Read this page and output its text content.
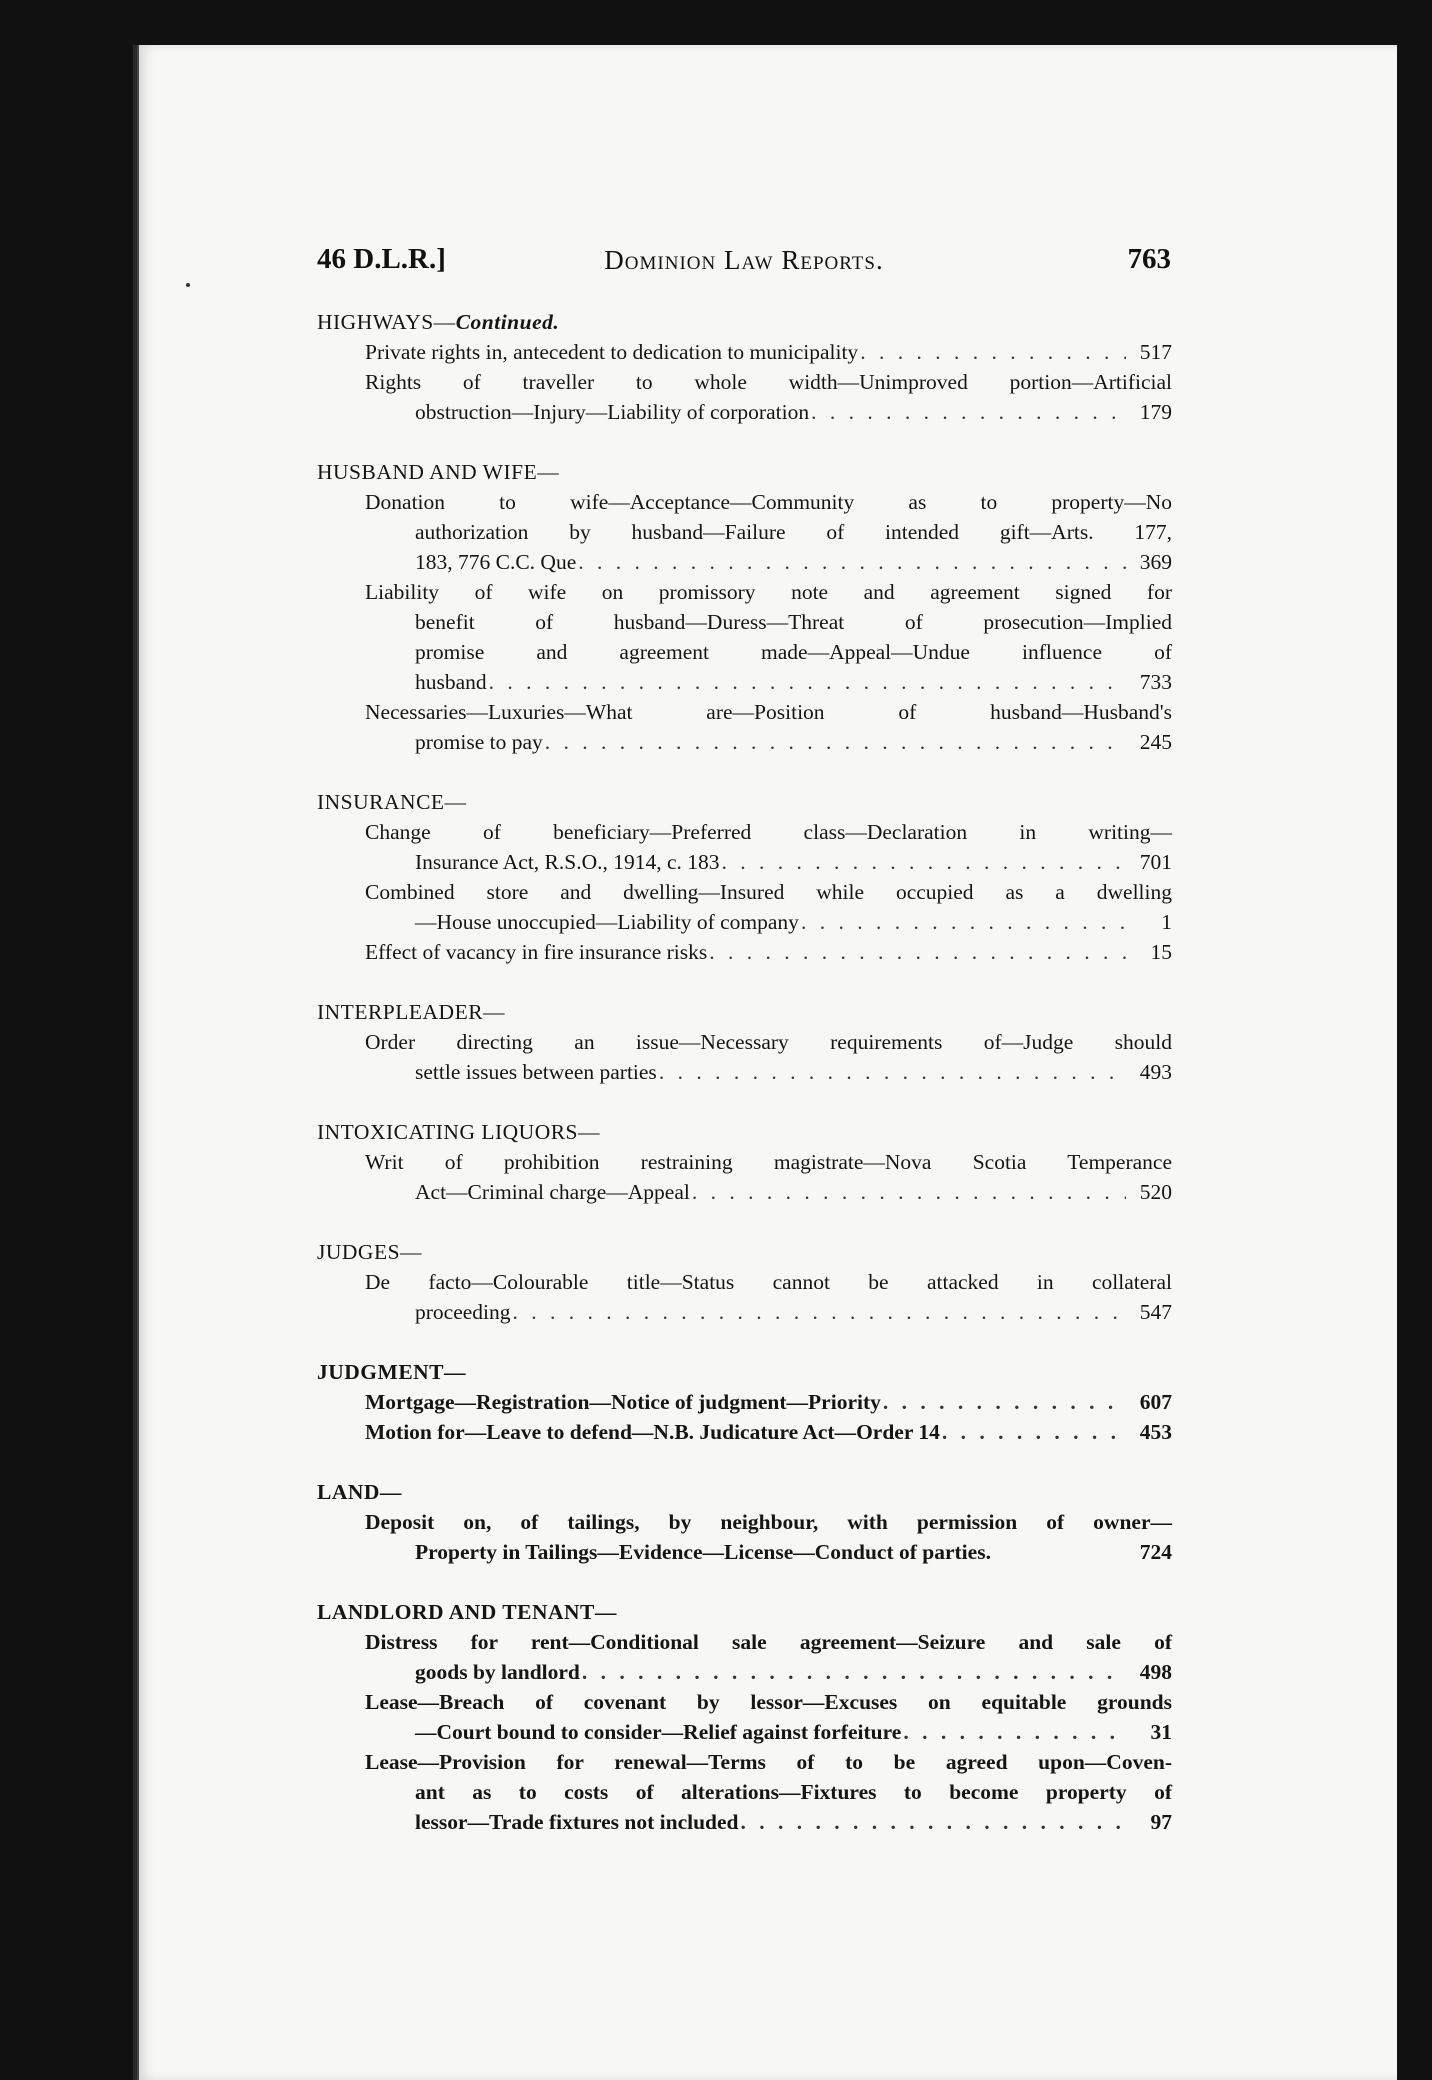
46 D.L.R.]	Dominion Law Reports.	763
HIGHWAYS—Continued.
Private rights in, antecedent to dedication to municipality . . .	517
Rights of traveller to whole width—Unimproved portion—Artificial
obstruction—Injury—Liability of corporation . . .	179
HUSBAND AND WIFE—
Donation to wife—Acceptance—Community as to property—No
authorization by husband—Failure of intended gift—Arts. 177,
183, 776 C.C. Que . . .	369
Liability of wife on promissory note and agreement signed for
benefit of husband—Duress—Threat of prosecution—Implied
promise and agreement made—Appeal—Undue influence of
husband . . .	733
Necessaries—Luxuries—What are—Position of husband—Husband's
promise to pay . . .	245
INSURANCE—
Change of beneficiary—Preferred class—Declaration in writing—
Insurance Act, R.S.O., 1914, c. 183 . . .	701
Combined store and dwelling—Insured while occupied as a dwelling
—House unoccupied—Liability of company . . .	1
Effect of vacancy in fire insurance risks . . .	15
INTERPLEADER—
Order directing an issue—Necessary requirements of—Judge should
settle issues between parties . . .	493
INTOXICATING LIQUORS—
Writ of prohibition restraining magistrate—Nova Scotia Temperance
Act—Criminal charge—Appeal . . .	520
JUDGES—
De facto—Colourable title—Status cannot be attacked in collateral
proceeding . . .	547
JUDGMENT—
Mortgage—Registration—Notice of judgment—Priority . . .	607
Motion for—Leave to defend—N.B. Judicature Act—Order 14 . . .	453
LAND—
Deposit on, of tailings, by neighbour, with permission of owner—
Property in Tailings—Evidence—License—Conduct of parties.	724
LANDLORD AND TENANT—
Distress for rent—Conditional sale agreement—Seizure and sale of
goods by landlord . . .	498
Lease—Breach of covenant by lessor—Excuses on equitable grounds
—Court bound to consider—Relief against forfeiture . . .	31
Lease—Provision for renewal—Terms of to be agreed upon—Coven-
ant as to costs of alterations—Fixtures to become property of
lessor—Trade fixtures not included . . .	97
